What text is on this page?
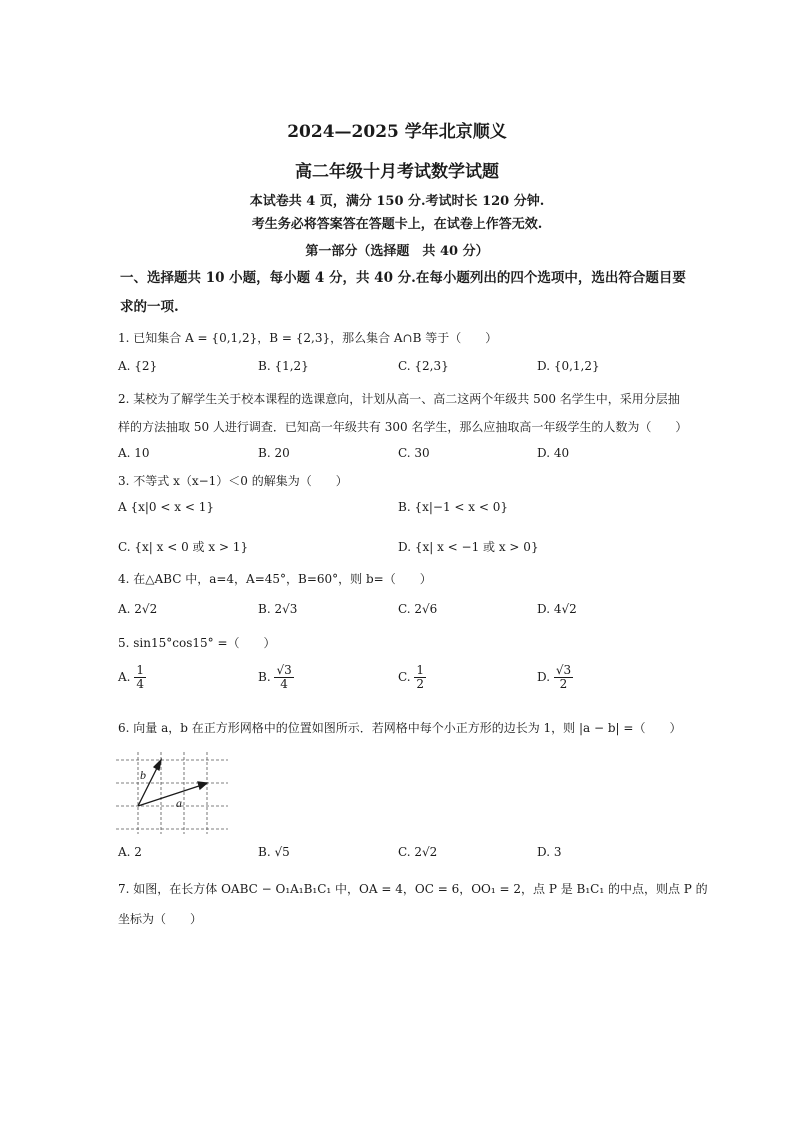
2024—2025 学年北京顺义
高二年级十月考试数学试题
本试卷共 4 页，满分 150 分.考试时长 120 分钟.
考生务必将答案答在答题卡上，在试卷上作答无效.
第一部分（选择题　共 40 分）
一、选择题共 10 小题，每小题 4 分，共 40 分.在每小题列出的四个选项中，选出符合题目要
求的一项.
1. 已知集合 A = {0,1,2}，B = {2,3}，那么集合 A∩B 等于（　　）
A. {2}	B. {1,2}	C. {2,3}	D. {0,1,2}
2. 某校为了解学生关于校本课程的选课意向，计划从高一、高二这两个年级共 500 名学生中，采用分层抽
样的方法抽取 50 人进行调查．已知高一年级共有 300 名学生，那么应抽取高一年级学生的人数为（　　）
A. 10	B. 20	C. 30	D. 40
3. 不等式 x（x−1）＜0 的解集为（　　）
A {x|0 < x < 1}	B. {x|−1 < x < 0}
C. {x| x < 0 或 x > 1}	D. {x| x < −1 或 x > 0}
4. 在△ABC 中，a=4，A=45°，B=60°，则 b=（　　）
A. 2√2	B. 2√3	C. 2√6	D. 4√2
5. sin15°cos15° =（　　）
A. $\frac{1}{4}$	B. $\frac{√3}{4}$	C. $\frac{1}{2}$	D. $\frac{√3}{2}$
6. 向量 a，b 在正方形网格中的位置如图所示．若网格中每个小正方形的边长为 1，则 |a − b| =（　　）
b
a
A. 2	B. √5	C. 2√2	D. 3
7. 如图，在长方体 OABC − O₁A₁B₁C₁ 中，OA = 4，OC = 6，OO₁ = 2，点 P 是 B₁C₁ 的中点，则点 P 的
坐标为（　　）
